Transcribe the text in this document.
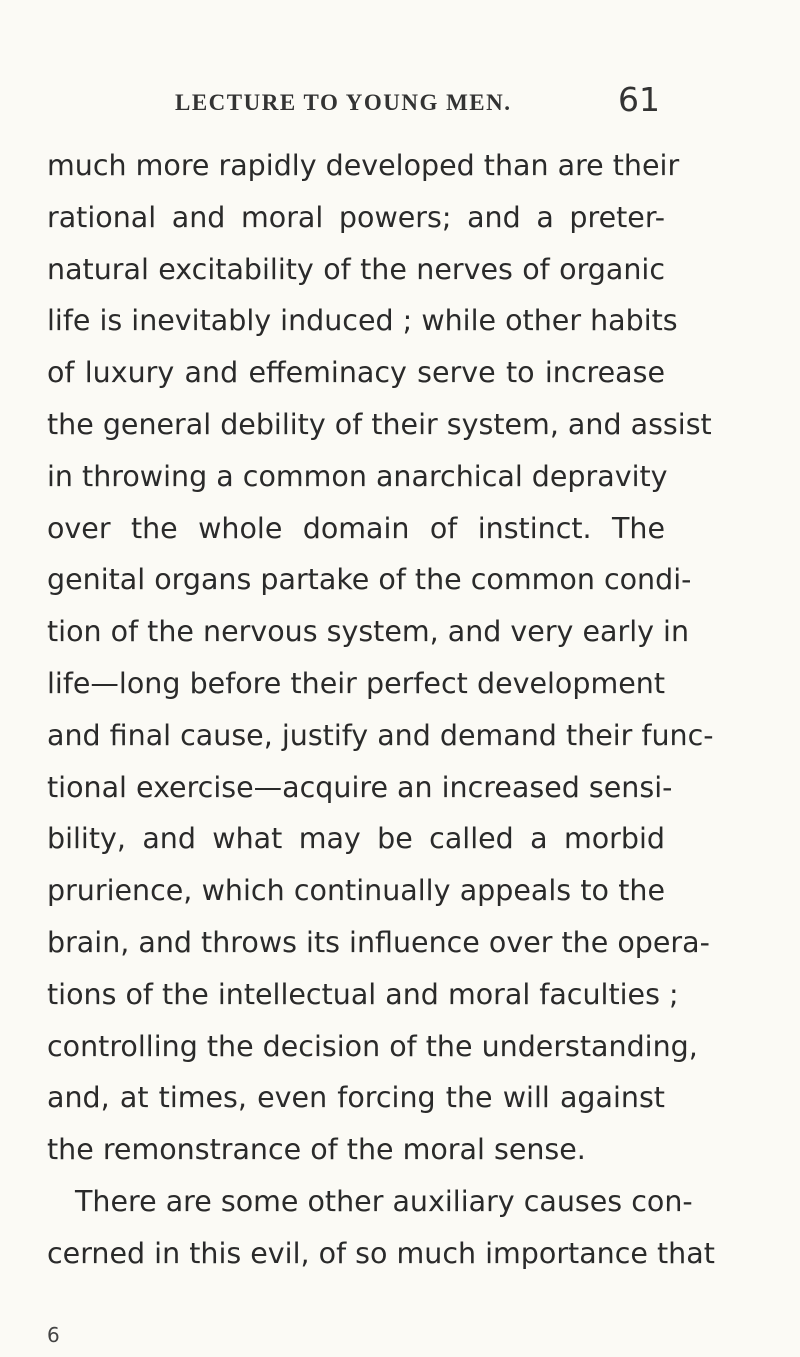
LECTURE TO YOUNG MEN.	61
much more rapidly developed than are their
rational and moral powers; and a preter-
natural excitability of the nerves of organic
life is inevitably induced ; while other habits
of luxury and effeminacy serve to increase
the general debility of their system, and assist
in throwing a common anarchical depravity
over the whole domain of instinct. The
genital organs partake of the common condi-
tion of the nervous system, and very early in
life—long before their perfect development
and final cause, justify and demand their func-
tional exercise—acquire an increased sensi-
bility, and what may be called a morbid
prurience, which continually appeals to the
brain, and throws its influence over the opera-
tions of the intellectual and moral faculties ;
controlling the decision of the understanding,
and, at times, even forcing the will against
the remonstrance of the moral sense.
There are some other auxiliary causes con-
cerned in this evil, of so much importance that
6
